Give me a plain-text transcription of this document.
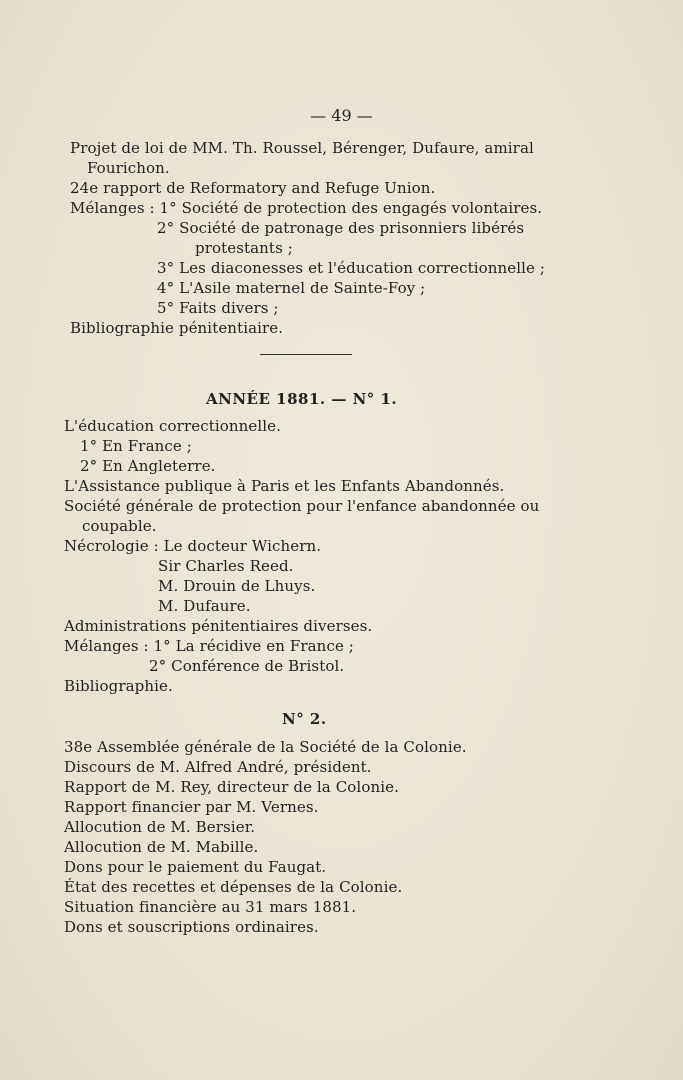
— 49 —
Projet de loi de MM. Th. Roussel, Bérenger, Dufaure, amiral
Fourichon.
24e rapport de Reformatory and Refuge Union.
Mélanges : 1° Société de protection des engagés volontaires.
2° Société de patronage des prisonniers libérés
protestants ;
3° Les diaconesses et l'éducation correctionnelle ;
4° L'Asile maternel de Sainte-Foy ;
5° Faits divers ;
Bibliographie pénitentiaire.
ANNÉE 1881. — N° 1.
L'éducation correctionnelle.
1° En France ;
2° En Angleterre.
L'Assistance publique à Paris et les Enfants Abandonnés.
Société générale de protection pour l'enfance abandonnée ou
coupable.
Nécrologie : Le docteur Wichern.
Sir Charles Reed.
M. Drouin de Lhuys.
M. Dufaure.
Administrations pénitentiaires diverses.
Mélanges : 1° La récidive en France ;
2° Conférence de Bristol.
Bibliographie.
N° 2.
38e Assemblée générale de la Société de la Colonie.
Discours de M. Alfred André, président.
Rapport de M. Rey, directeur de la Colonie.
Rapport financier par M. Vernes.
Allocution de M. Bersier.
Allocution de M. Mabille.
Dons pour le paiement du Faugat.
État des recettes et dépenses de la Colonie.
Situation financière au 31 mars 1881.
Dons et souscriptions ordinaires.
